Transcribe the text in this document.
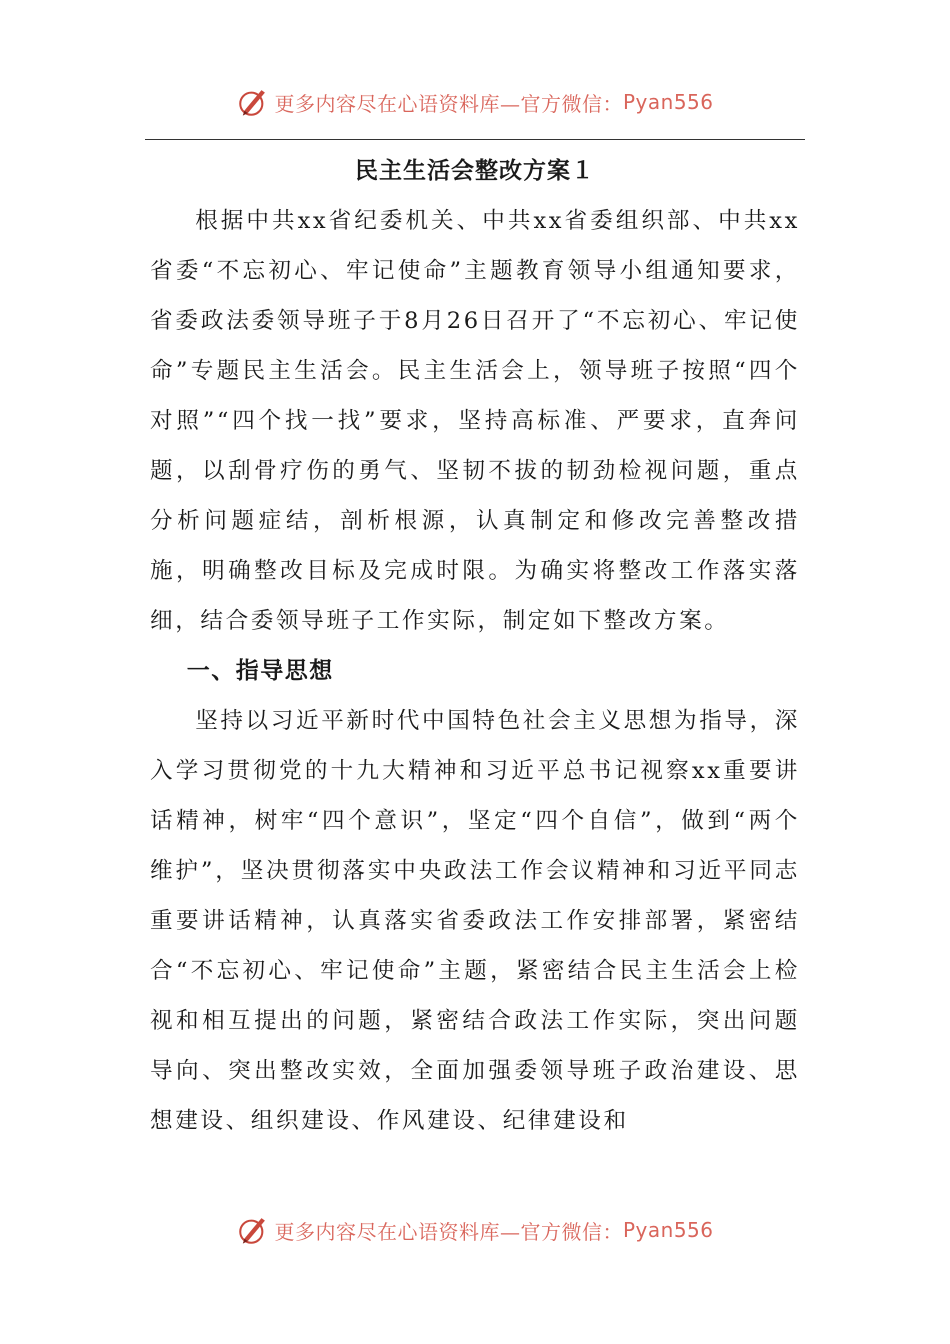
更多内容尽在心语资料库—官方微信： Pyan556
民主生活会整改方案１

根据中共xx省纪委机关、中共xx省委组织部、中共xx省委“不忘初心、牢记使命”主题教育领导小组通知要求，省委政法委领导班子于8月26日召开了“不忘初心、牢记使命”专题民主生活会。民主生活会上，领导班子按照“四个对照”“四个找一找”要求，坚持高标准、严要求，直奔问题，以刮骨疗伤的勇气、坚韧不拔的韧劲检视问题，重点分析问题症结，剖析根源，认真制定和修改完善整改措施，明确整改目标及完成时限。为确实将整改工作落实落细，结合委领导班子工作实际，制定如下整改方案。

一、指导思想

坚持以习近平新时代中国特色社会主义思想为指导，深入学习贯彻党的十九大精神和习近平总书记视察xx重要讲话精神，树牢“四个意识”，坚定“四个自信”，做到“两个维护”，坚决贯彻落实中央政法工作会议精神和习近平同志重要讲话精神，认真落实省委政法工作安排部署，紧密结合“不忘初心、牢记使命”主题，紧密结合民主生活会上检视和相互提出的问题，紧密结合政法工作实际，突出问题导向、突出整改实效，全面加强委领导班子政治建设、思想建设、组织建设、作风建设、纪律建设和

更多内容尽在心语资料库—官方微信： Pyan556
